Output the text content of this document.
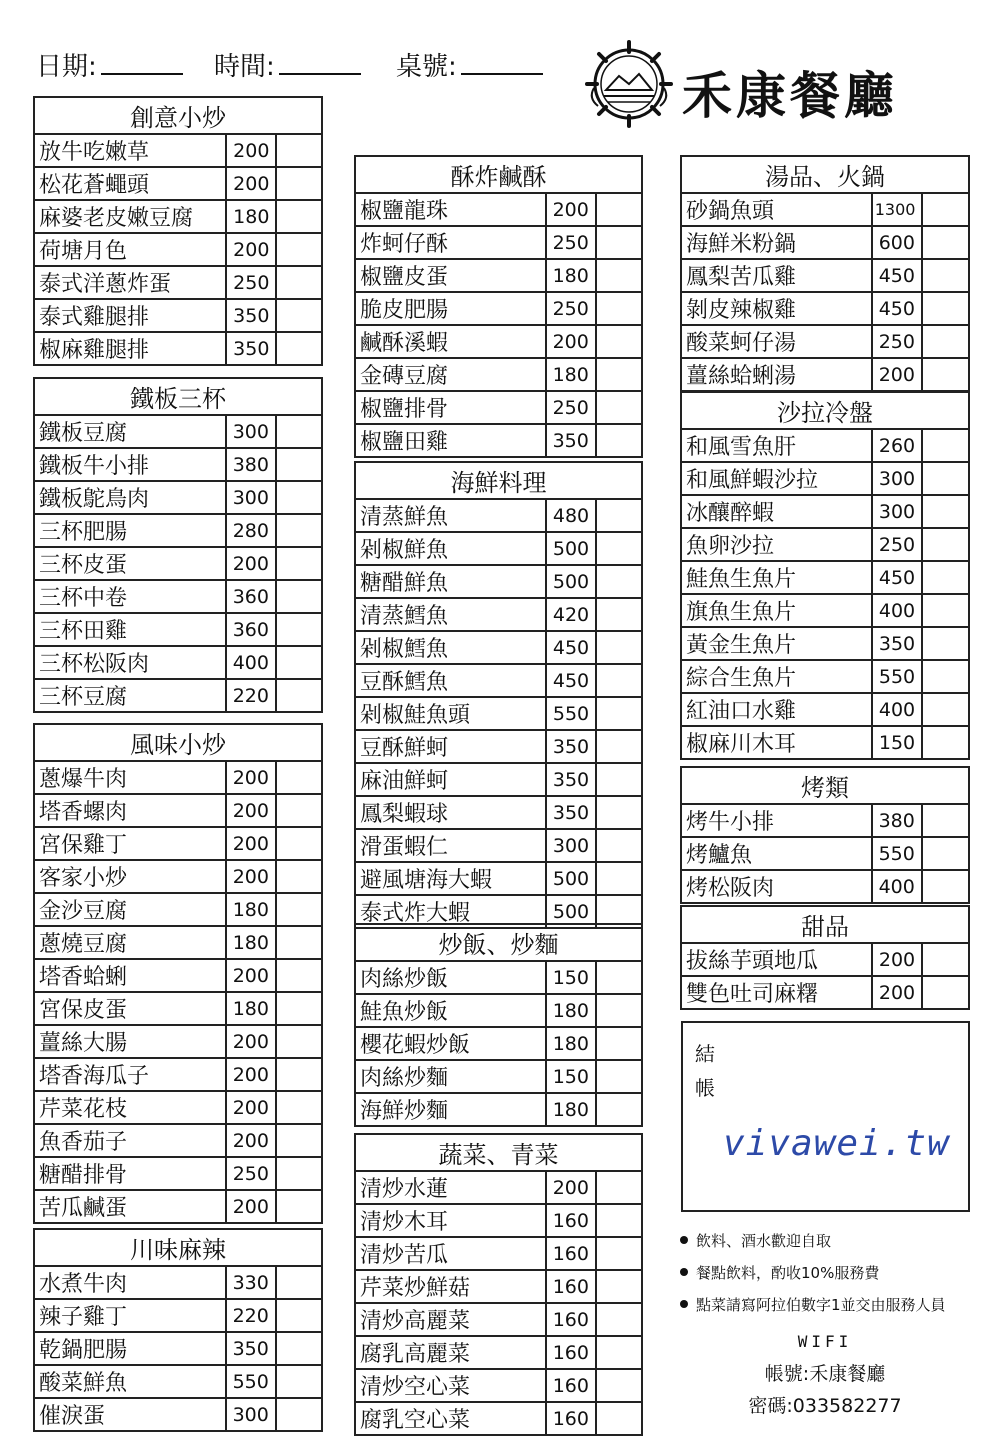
日期:	時間:	桌號:	禾康餐廳
創意小炒		
放牛吃嫩草	200	
松花蒼蠅頭	200	
麻婆老皮嫩豆腐	180	
荷塘月色	200	
泰式洋蔥炸蛋	250	
泰式雞腿排	350	
椒麻雞腿排	350	
鐵板三杯		
鐵板豆腐	300	
鐵板牛小排	380	
鐵板鴕鳥肉	300	
三杯肥腸	280	
三杯皮蛋	200	
三杯中卷	360	
三杯田雞	360	
三杯松阪肉	400	
三杯豆腐	220	
風味小炒		
蔥爆牛肉	200	
塔香螺肉	200	
宮保雞丁	200	
客家小炒	200	
金沙豆腐	180	
蔥燒豆腐	180	
塔香蛤蜊	200	
宮保皮蛋	180	
薑絲大腸	200	
塔香海瓜子	200	
芹菜花枝	200	
魚香茄子	200	
糖醋排骨	250	
苦瓜鹹蛋	200	
川味麻辣		
水煮牛肉	330	
辣子雞丁	220	
乾鍋肥腸	350	
酸菜鮮魚	550	
催淚蛋	300	
酥炸鹹酥		
椒鹽龍珠	200	
炸蚵仔酥	250	
椒鹽皮蛋	180	
脆皮肥腸	250	
鹹酥溪蝦	200	
金磚豆腐	180	
椒鹽排骨	250	
椒鹽田雞	350	
海鮮料理		
清蒸鮮魚	480	
剁椒鮮魚	500	
糖醋鮮魚	500	
清蒸鱈魚	420	
剁椒鱈魚	450	
豆酥鱈魚	450	
剁椒鮭魚頭	550	
豆酥鮮蚵	350	
麻油鮮蚵	350	
鳳梨蝦球	350	
滑蛋蝦仁	300	
避風塘海大蝦	500	
泰式炸大蝦	500	
炒飯、炒麵		
肉絲炒飯	150	
鮭魚炒飯	180	
櫻花蝦炒飯	180	
肉絲炒麵	150	
海鮮炒麵	180	
蔬菜、青菜		
清炒水蓮	200	
清炒木耳	160	
清炒苦瓜	160	
芹菜炒鮮菇	160	
清炒高麗菜	160	
腐乳高麗菜	160	
清炒空心菜	160	
腐乳空心菜	160	
湯品、火鍋		
砂鍋魚頭	1300	
海鮮米粉鍋	600	
鳳梨苦瓜雞	450	
剝皮辣椒雞	450	
酸菜蚵仔湯	250	
薑絲蛤蜊湯	200	
沙拉冷盤		
和風雪魚肝	260	
和風鮮蝦沙拉	300	
冰釀醉蝦	300	
魚卵沙拉	250	
鮭魚生魚片	450	
旗魚生魚片	400	
黃金生魚片	350	
綜合生魚片	550	
紅油口水雞	400	
椒麻川木耳	150	
烤類		
烤牛小排	380	
烤鱸魚	550	
烤松阪肉	400	
甜品		
拔絲芋頭地瓜	200	
雙色吐司麻糬	200	
結帳
vivawei.tw
飲料、酒水歡迎自取
餐點飲料，酌收10%服務費
點菜請寫阿拉伯數字1並交由服務人員
WIFI
帳號:禾康餐廳
密碼:033582277
